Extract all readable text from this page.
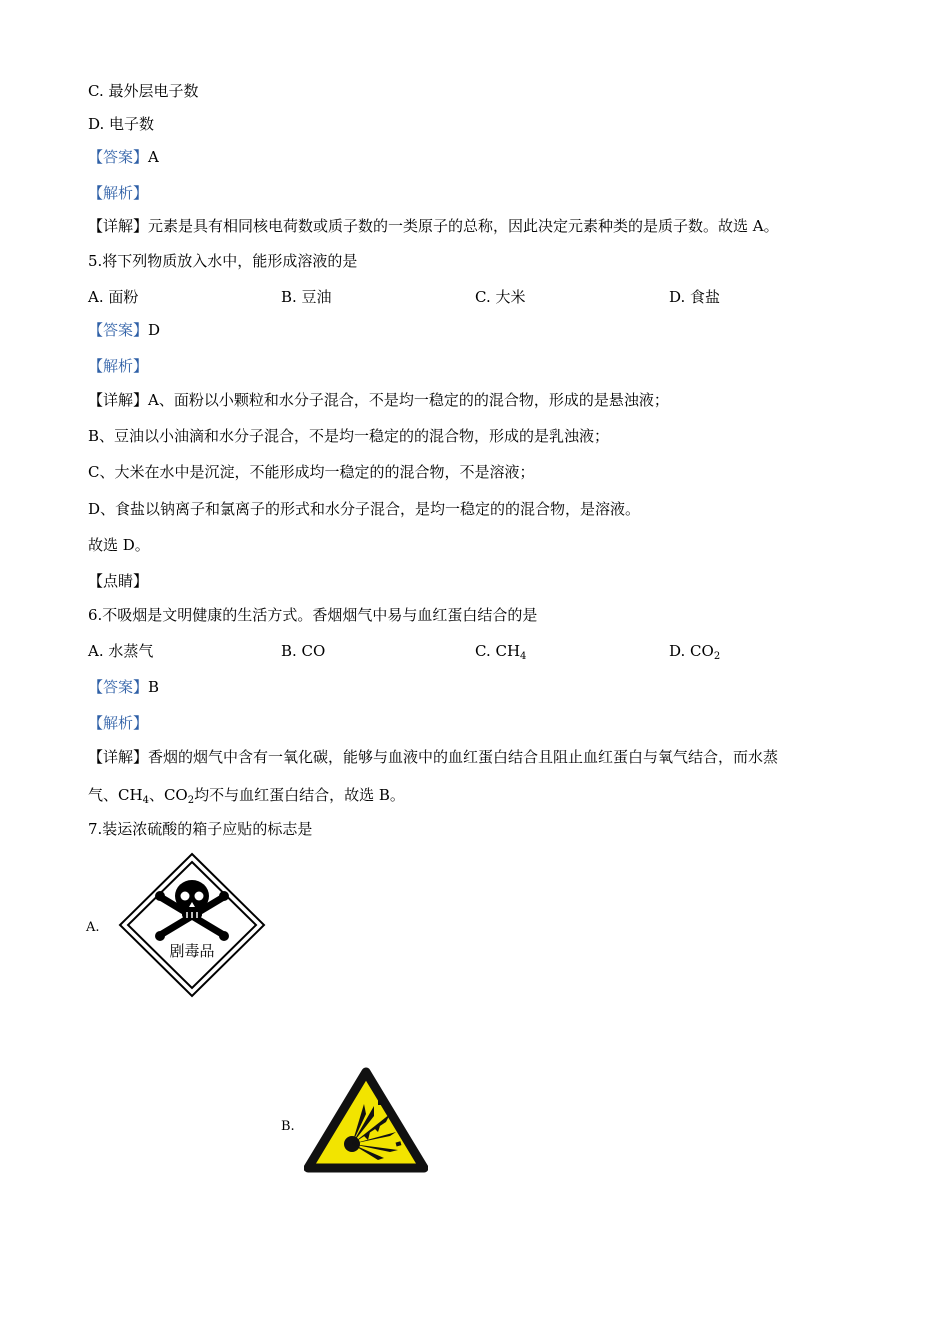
C. 最外层电子数
D. 电子数
【答案】A
【解析】
【详解】元素是具有相同核电荷数或质子数的一类原子的总称，因此决定元素种类的是质子数。故选 A。
5.将下列物质放入水中，能形成溶液的是
A. 面粉	B. 豆油	C. 大米	D. 食盐
【答案】D
【解析】
【详解】A、面粉以小颗粒和水分子混合，不是均一稳定的的混合物，形成的是悬浊液；
B、豆油以小油滴和水分子混合，不是均一稳定的的混合物，形成的是乳浊液；
C、大米在水中是沉淀，不能形成均一稳定的的混合物，不是溶液；
D、食盐以钠离子和氯离子的形式和水分子混合，是均一稳定的的混合物，是溶液。
故选 D。
【点睛】
6.不吸烟是文明健康的生活方式。香烟烟气中易与血红蛋白结合的是
A. 水蒸气	B. CO	C. $CH_4$	D. $CO_2$
【答案】B
【解析】
【详解】香烟的烟气中含有一氧化碳，能够与血液中的血红蛋白结合且阻止血红蛋白与氧气结合，而水蒸
气、$CH_4$、$CO_2$均不与血红蛋白结合，故选 B。
7.装运浓硫酸的箱子应贴的标志是
A.
剧毒品
B.
